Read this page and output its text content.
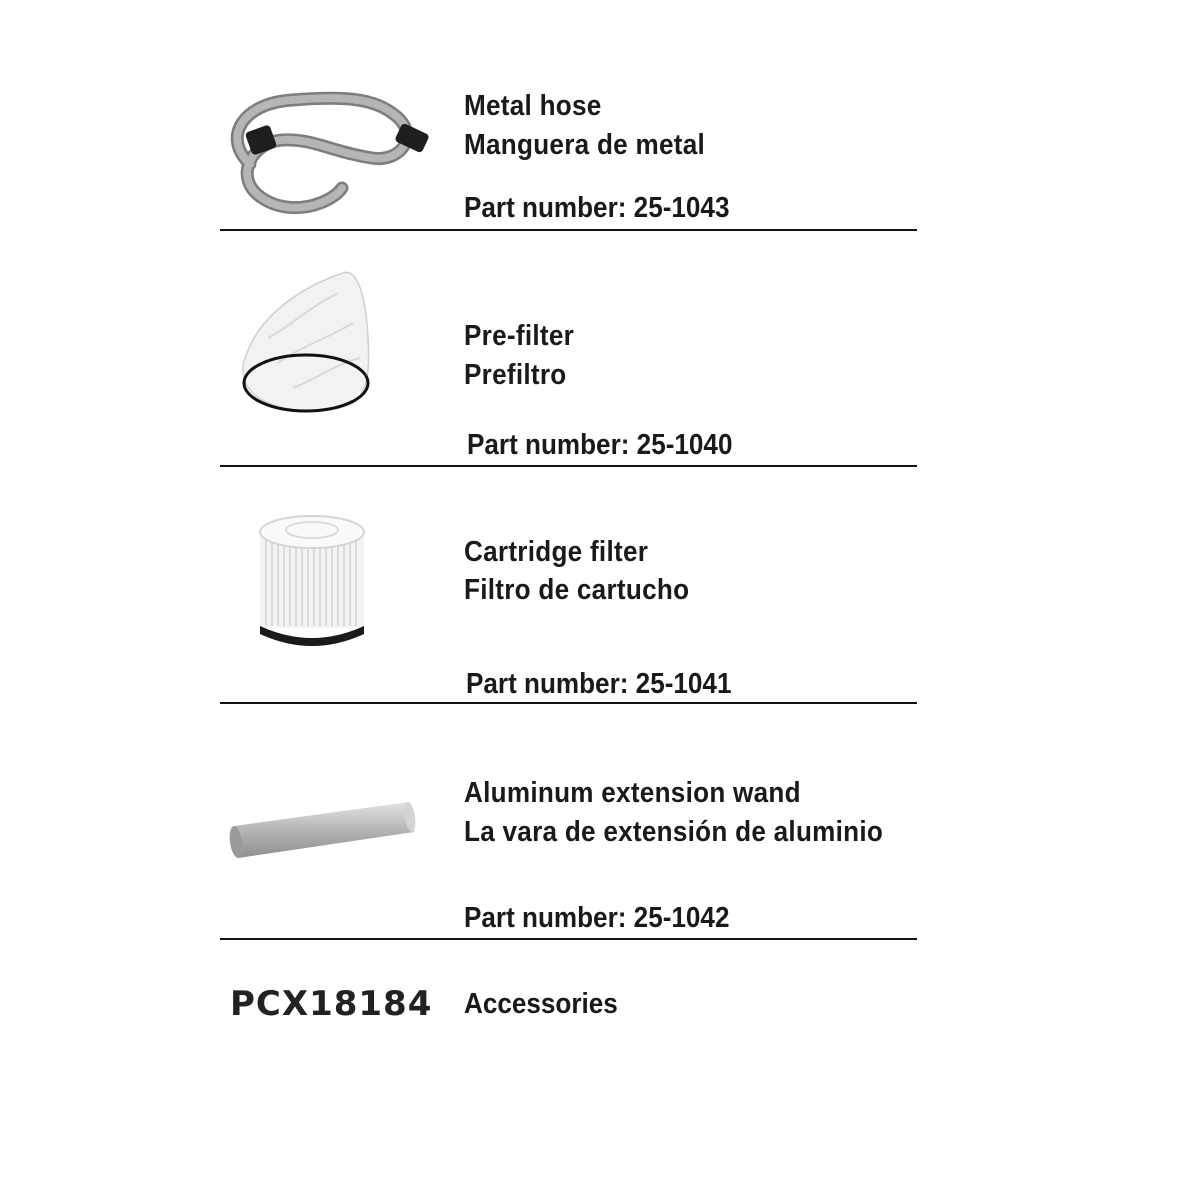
Metal hose
Manguera de metal
Part number: 25-1043
Pre-filter
Prefiltro
Part number: 25-1040
Cartridge filter
Filtro de cartucho
Part number: 25-1041
Aluminum extension wand
La vara de extensión de aluminio
Part number: 25-1042
PCX18184 Accessories
